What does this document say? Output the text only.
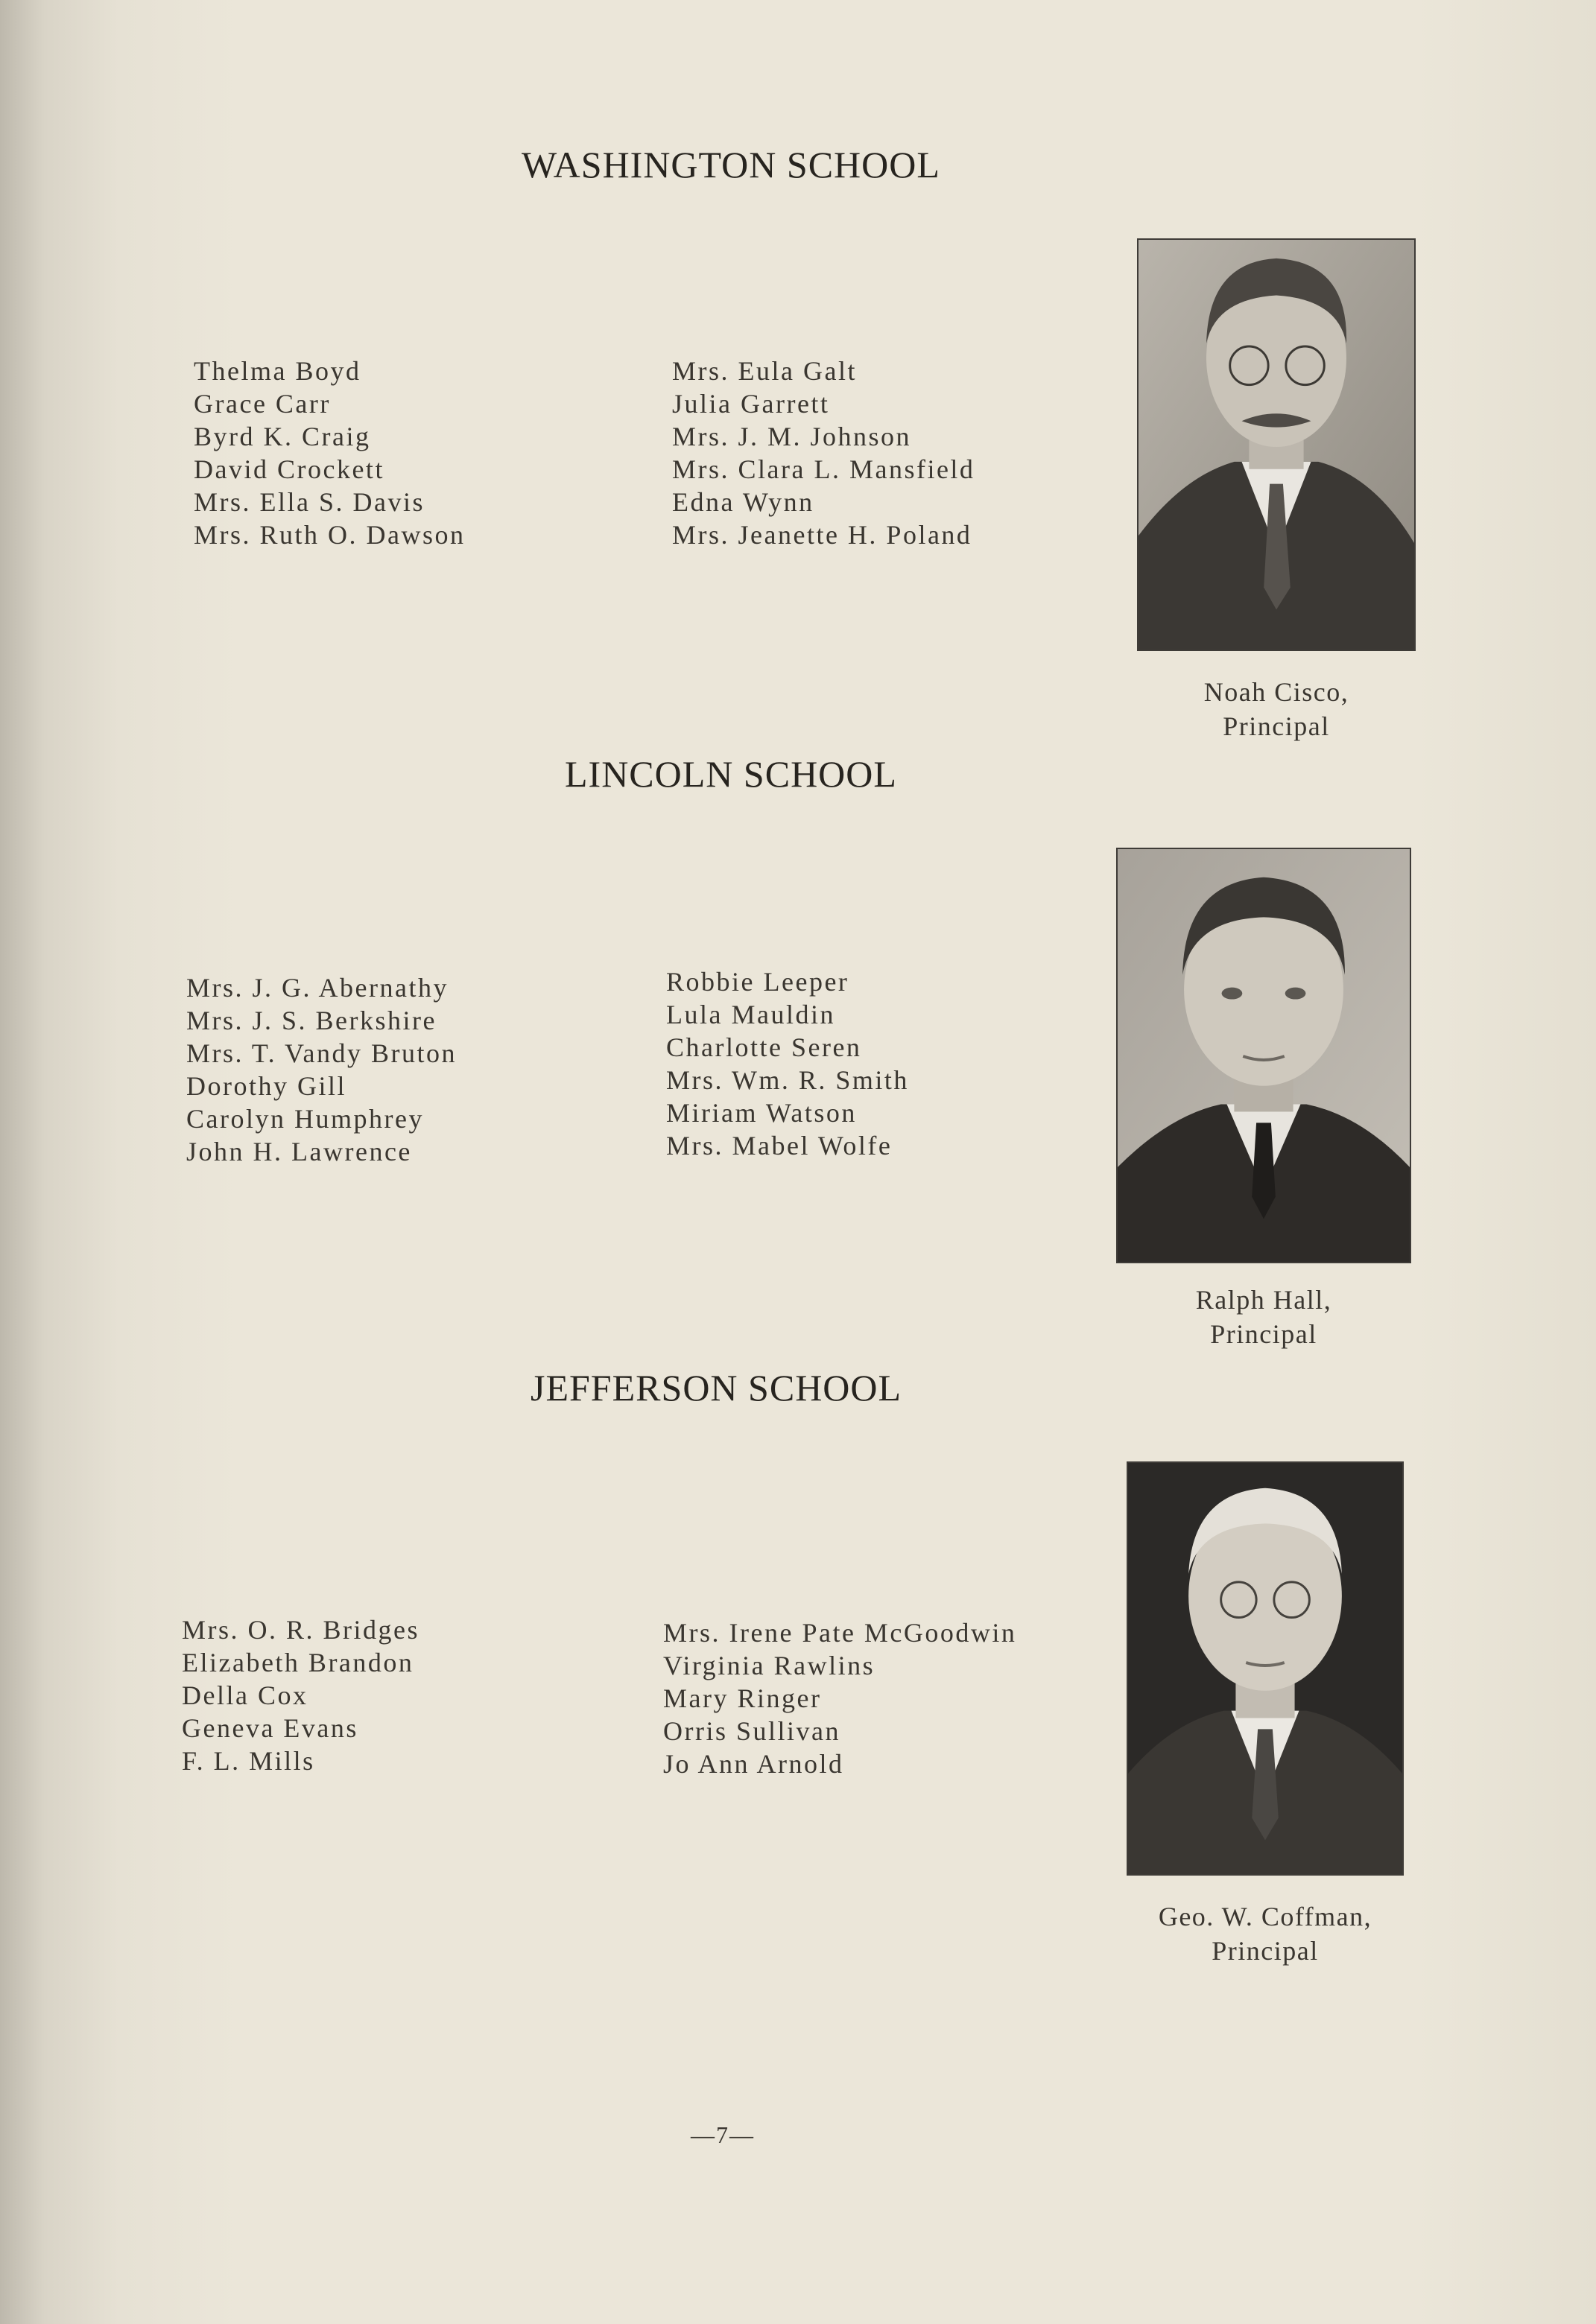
WASHINGTON SCHOOL
Thelma Boyd
Grace Carr
Byrd K. Craig
David Crockett
Mrs. Ella S. Davis
Mrs. Ruth O. Dawson
Mrs. Eula Galt
Julia Garrett
Mrs. J. M. Johnson
Mrs. Clara L. Mansfield
Edna Wynn
Mrs. Jeanette H. Poland
Noah Cisco,
Principal
LINCOLN SCHOOL
Mrs. J. G. Abernathy
Mrs. J. S. Berkshire
Mrs. T. Vandy Bruton
Dorothy Gill
Carolyn Humphrey
John H. Lawrence
Robbie Leeper
Lula Mauldin
Charlotte Seren
Mrs. Wm. R. Smith
Miriam Watson
Mrs. Mabel Wolfe
Ralph Hall,
Principal
JEFFERSON SCHOOL
Mrs. O. R. Bridges
Elizabeth Brandon
Della Cox
Geneva Evans
F. L. Mills
Mrs. Irene Pate McGoodwin
Virginia Rawlins
Mary Ringer
Orris Sullivan
Jo Ann Arnold
Geo. W. Coffman,
Principal
—7—
